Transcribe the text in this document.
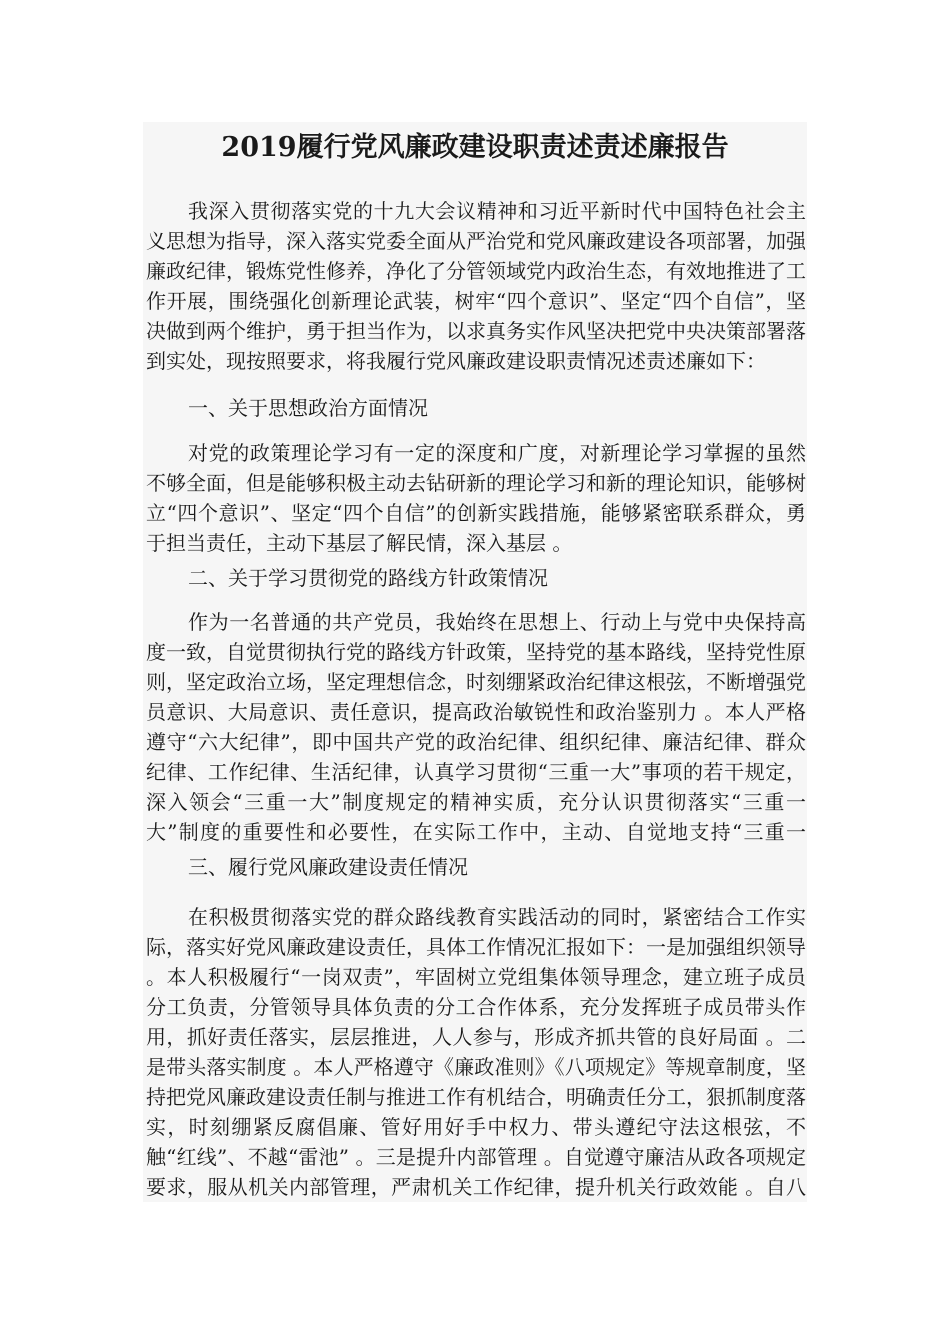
2019履行党风廉政建设职责述责述廉报告

我深入贯彻落实党的十九大会议精神和习近平新时代中国特色社会主义思想为指导，深入落实党委全面从严治党和党风廉政建设各项部署，加强廉政纪律，锻炼党性修养，净化了分管领域党内政治生态，有效地推进了工作开展，围绕强化创新理论武装，树牢“四个意识”、坚定“四个自信”，坚决做到两个维护，勇于担当作为，以求真务实作风坚决把党中央决策部署落到实处，现按照要求，将我履行党风廉政建设职责情况述责述廉如下：

一、关于思想政治方面情况

对党的政策理论学习有一定的深度和广度，对新理论学习掌握的虽然不够全面，但是能够积极主动去钻研新的理论学习和新的理论知识，能够树立“四个意识”、坚定“四个自信”的创新实践措施，能够紧密联系群众，勇于担当责任，主动下基层了解民情，深入基层 。

二、关于学习贯彻党的路线方针政策情况

作为一名普通的共产党员，我始终在思想上、行动上与党中央保持高度一致，自觉贯彻执行党的路线方针政策，坚持党的基本路线，坚持党性原则，坚定政治立场，坚定理想信念，时刻绷紧政治纪律这根弦，不断增强党员意识、大局意识、责任意识，提高政治敏锐性和政治鉴别力 。本人严格遵守“六大纪律”，即中国共产党的政治纪律、组织纪律、廉洁纪律、群众纪律、工作纪律、生活纪律，认真学习贯彻“三重一大”事项的若干规定，深入领会“三重一大”制度规定的精神实质，充分认识贯彻落实“三重一大”制度的重要性和必要性，在实际工作中，主动、自觉地支持“三重一

三、履行党风廉政建设责任情况

在积极贯彻落实党的群众路线教育实践活动的同时，紧密结合工作实际，落实好党风廉政建设责任，具体工作情况汇报如下：一是加强组织领导 。本人积极履行“一岗双责”，牢固树立党组集体领导理念，建立班子成员分工负责，分管领导具体负责的分工合作体系，充分发挥班子成员带头作用，抓好责任落实，层层推进，人人参与，形成齐抓共管的良好局面 。二是带头落实制度 。本人严格遵守《廉政准则》《八项规定》等规章制度，坚持把党风廉政建设责任制与推进工作有机结合，明确责任分工，狠抓制度落实，时刻绷紧反腐倡廉、管好用好手中权力、带头遵纪守法这根弦，不触“红线”、不越“雷池” 。三是提升内部管理 。自觉遵守廉洁从政各项规定要求，服从机关内部管理，严肃机关工作纪律，提升机关行政效能 。自八
